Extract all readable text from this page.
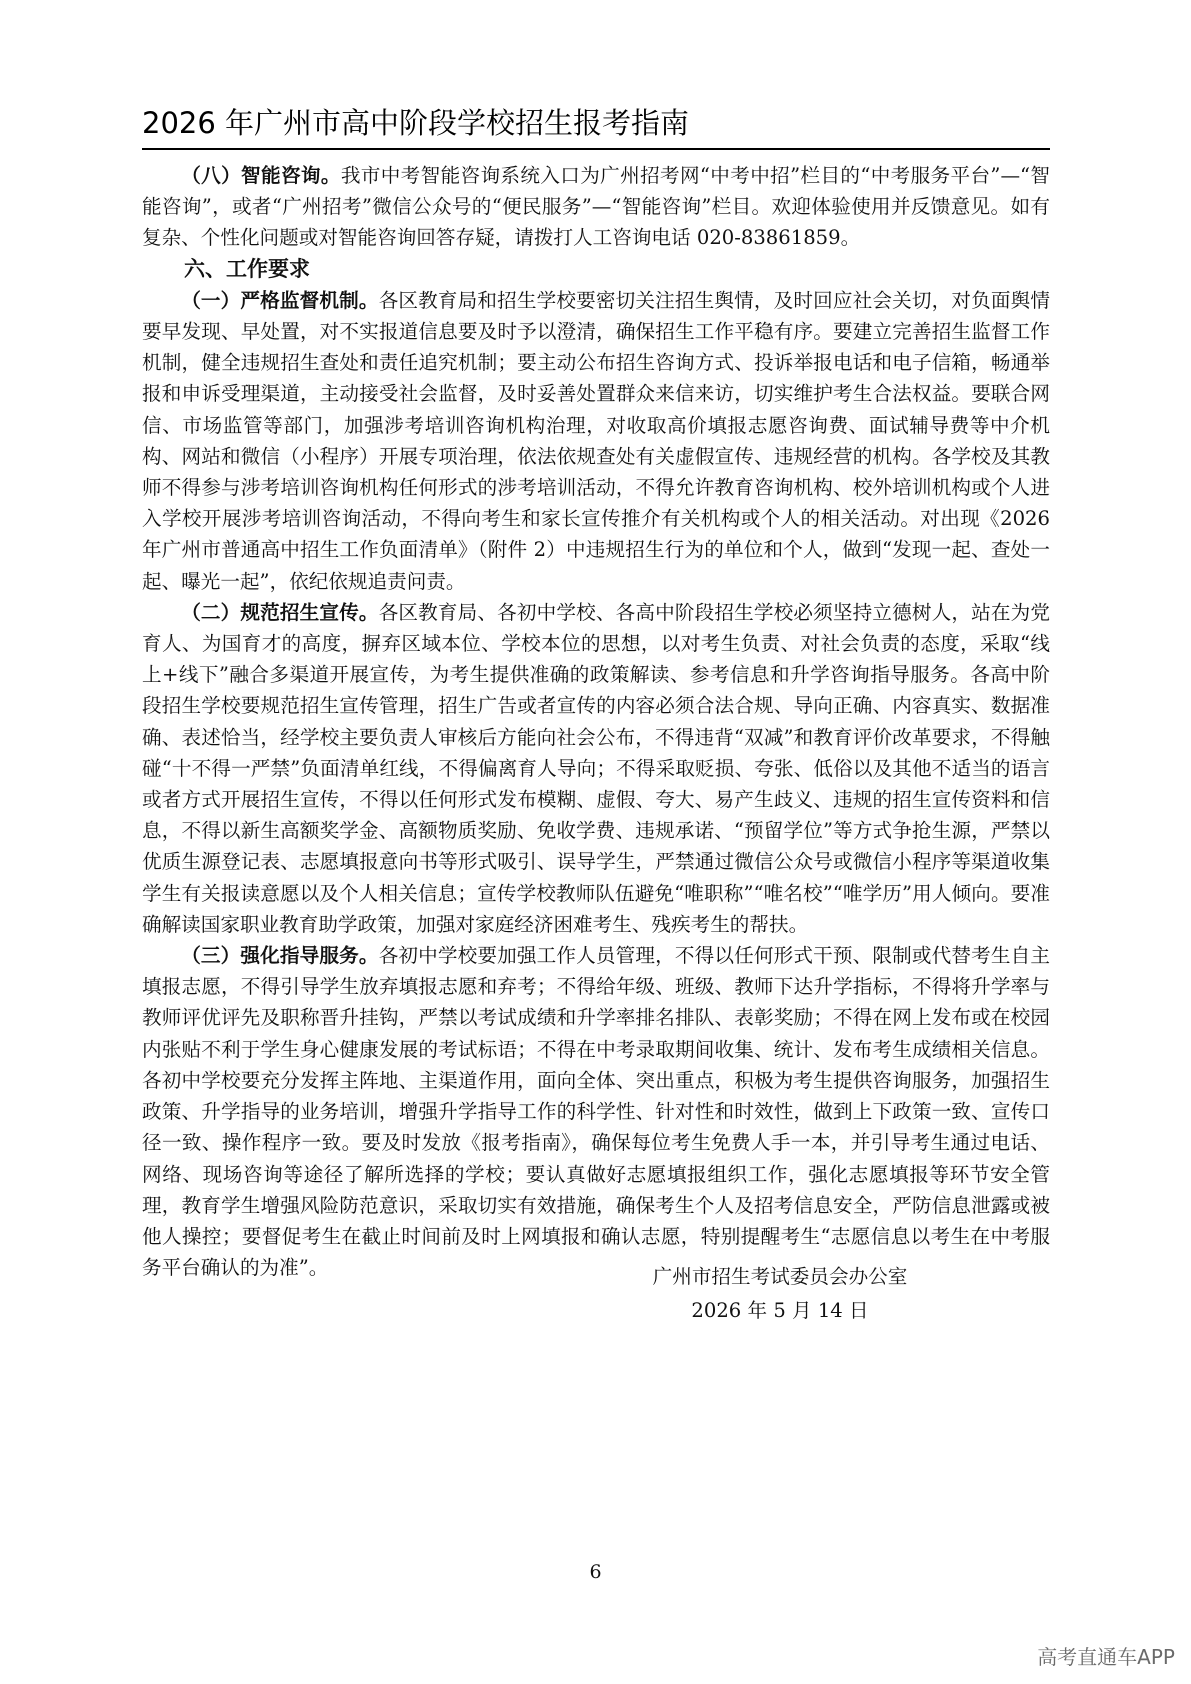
2026 年广州市高中阶段学校招生报考指南

（八）智能咨询。我市中考智能咨询系统入口为广州招考网“中考中招”栏目的“中考服务平台”—“智能咨询”，或者“广州招考”微信公众号的“便民服务”—“智能咨询”栏目。欢迎体验使用并反馈意见。如有复杂、个性化问题或对智能咨询回答存疑，请拨打人工咨询电话 020-83861859。

六、工作要求

（一）严格监督机制。各区教育局和招生学校要密切关注招生舆情，及时回应社会关切，对负面舆情要早发现、早处置，对不实报道信息要及时予以澄清，确保招生工作平稳有序。要建立完善招生监督工作机制，健全违规招生查处和责任追究机制；要主动公布招生咨询方式、投诉举报电话和电子信箱，畅通举报和申诉受理渠道，主动接受社会监督，及时妥善处置群众来信来访，切实维护考生合法权益。要联合网信、市场监管等部门，加强涉考培训咨询机构治理，对收取高价填报志愿咨询费、面试辅导费等中介机构、网站和微信（小程序）开展专项治理，依法依规查处有关虚假宣传、违规经营的机构。各学校及其教师不得参与涉考培训咨询机构任何形式的涉考培训活动，不得允许教育咨询机构、校外培训机构或个人进入学校开展涉考培训咨询活动，不得向考生和家长宣传推介有关机构或个人的相关活动。对出现《2026 年广州市普通高中招生工作负面清单》（附件 2）中违规招生行为的单位和个人，做到“发现一起、查处一起、曝光一起”，依纪依规追责问责。

（二）规范招生宣传。各区教育局、各初中学校、各高中阶段招生学校必须坚持立德树人，站在为党育人、为国育才的高度，摒弃区域本位、学校本位的思想，以对考生负责、对社会负责的态度，采取“线上+线下”融合多渠道开展宣传，为考生提供准确的政策解读、参考信息和升学咨询指导服务。各高中阶段招生学校要规范招生宣传管理，招生广告或者宣传的内容必须合法合规、导向正确、内容真实、数据准确、表述恰当，经学校主要负责人审核后方能向社会公布，不得违背“双减”和教育评价改革要求，不得触碰“十不得一严禁”负面清单红线，不得偏离育人导向；不得采取贬损、夸张、低俗以及其他不适当的语言或者方式开展招生宣传，不得以任何形式发布模糊、虚假、夸大、易产生歧义、违规的招生宣传资料和信息，不得以新生高额奖学金、高额物质奖励、免收学费、违规承诺、“预留学位”等方式争抢生源，严禁以优质生源登记表、志愿填报意向书等形式吸引、误导学生，严禁通过微信公众号或微信小程序等渠道收集学生有关报读意愿以及个人相关信息；宣传学校教师队伍避免“唯职称”“唯名校”“唯学历”用人倾向。要准确解读国家职业教育助学政策，加强对家庭经济困难考生、残疾考生的帮扶。

（三）强化指导服务。各初中学校要加强工作人员管理，不得以任何形式干预、限制或代替考生自主填报志愿，不得引导学生放弃填报志愿和弃考；不得给年级、班级、教师下达升学指标，不得将升学率与教师评优评先及职称晋升挂钩，严禁以考试成绩和升学率排名排队、表彰奖励；不得在网上发布或在校园内张贴不利于学生身心健康发展的考试标语；不得在中考录取期间收集、统计、发布考生成绩相关信息。各初中学校要充分发挥主阵地、主渠道作用，面向全体、突出重点，积极为考生提供咨询服务，加强招生政策、升学指导的业务培训，增强升学指导工作的科学性、针对性和时效性，做到上下政策一致、宣传口径一致、操作程序一致。要及时发放《报考指南》，确保每位考生免费人手一本，并引导考生通过电话、网络、现场咨询等途径了解所选择的学校；要认真做好志愿填报组织工作，强化志愿填报等环节安全管理，教育学生增强风险防范意识，采取切实有效措施，确保考生个人及招考信息安全，严防信息泄露或被他人操控；要督促考生在截止时间前及时上网填报和确认志愿，特别提醒考生“志愿信息以考生在中考服务平台确认的为准”。	广州市招生考试委员会办公室
2026 年 5 月 14 日
6
高考直通车APP
